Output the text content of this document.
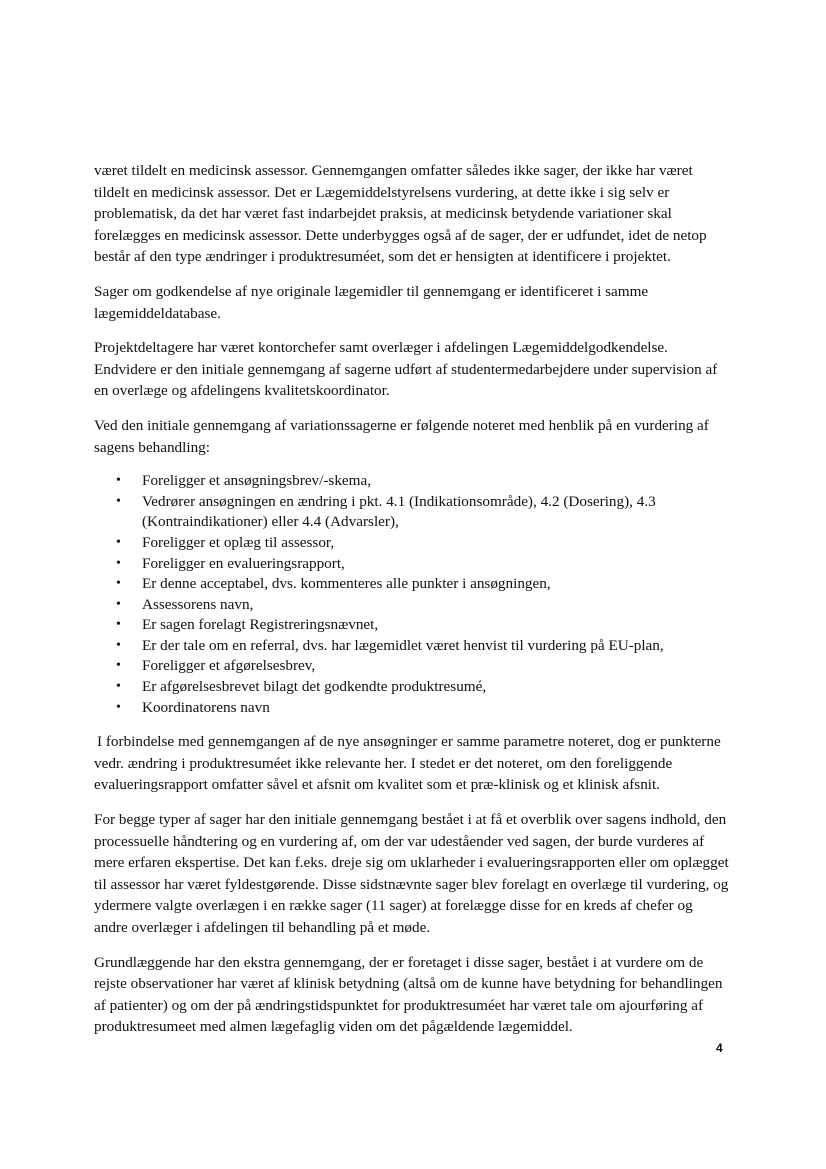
været tildelt en medicinsk assessor. Gennemgangen omfatter således ikke sager, der ikke har været tildelt en medicinsk assessor. Det er Lægemiddelstyrelsens vurdering, at dette ikke i sig selv er problematisk, da det har været fast indarbejdet praksis, at medicinsk betydende variationer skal forelægges en medicinsk assessor. Dette underbygges også af de sager, der er udfundet, idet de netop består af den type ændringer i produktresuméet, som det er hensigten at identificere i projektet.

Sager om godkendelse af nye originale lægemidler til gennemgang er identificeret i samme lægemiddeldatabase.

Projektdeltagere har været kontorchefer samt overlæger i afdelingen Lægemiddelgodkendelse. Endvidere er den initiale gennemgang af sagerne udført af studentermedarbejdere under supervision af en overlæge og afdelingens kvalitetskoordinator.

Ved den initiale gennemgang af variationssagerne er følgende noteret med henblik på en vurdering af sagens behandling:

• Foreligger et ansøgningsbrev/-skema,
• Vedrører ansøgningen en ændring i pkt. 4.1 (Indikationsområde), 4.2 (Dosering), 4.3 (Kontraindikationer) eller 4.4 (Advarsler),
• Foreligger et oplæg til assessor,
• Foreligger en evalueringsrapport,
• Er denne acceptabel, dvs. kommenteres alle punkter i ansøgningen,
• Assessorens navn,
• Er sagen forelagt Registreringsnævnet,
• Er der tale om en referral, dvs. har lægemidlet været henvist til vurdering på EU-plan,
• Foreligger et afgørelsesbrev,
• Er afgørelsesbrevet bilagt det godkendte produktresumé,
• Koordinatorens navn

I forbindelse med gennemgangen af de nye ansøgninger er samme parametre noteret, dog er punkterne vedr. ændring i produktresuméet ikke relevante her. I stedet er det noteret, om den foreliggende evalueringsrapport omfatter såvel et afsnit om kvalitet som et præ-klinisk og et klinisk afsnit.

For begge typer af sager har den initiale gennemgang bestået i at få et overblik over sagens indhold, den processuelle håndtering og en vurdering af, om der var udeståender ved sagen, der burde vurderes af mere erfaren ekspertise. Det kan f.eks. dreje sig om uklarheder i evalueringsrapporten eller om oplægget til assessor har været fyldestgørende. Disse sidstnævnte sager blev forelagt en overlæge til vurdering, og ydermere valgte overlægen i en række sager (11 sager) at forelægge disse for en kreds af chefer og andre overlæger i afdelingen til behandling på et møde.

Grundlæggende har den ekstra gennemgang, der er foretaget i disse sager, bestået i at vurdere om de rejste observationer har været af klinisk betydning (altså om de kunne have betydning for behandlingen af patienter) og om der på ændringstidspunktet for produktresuméet har været tale om ajourføring af produktresumeet med almen lægefaglig viden om det pågældende lægemiddel.

4
